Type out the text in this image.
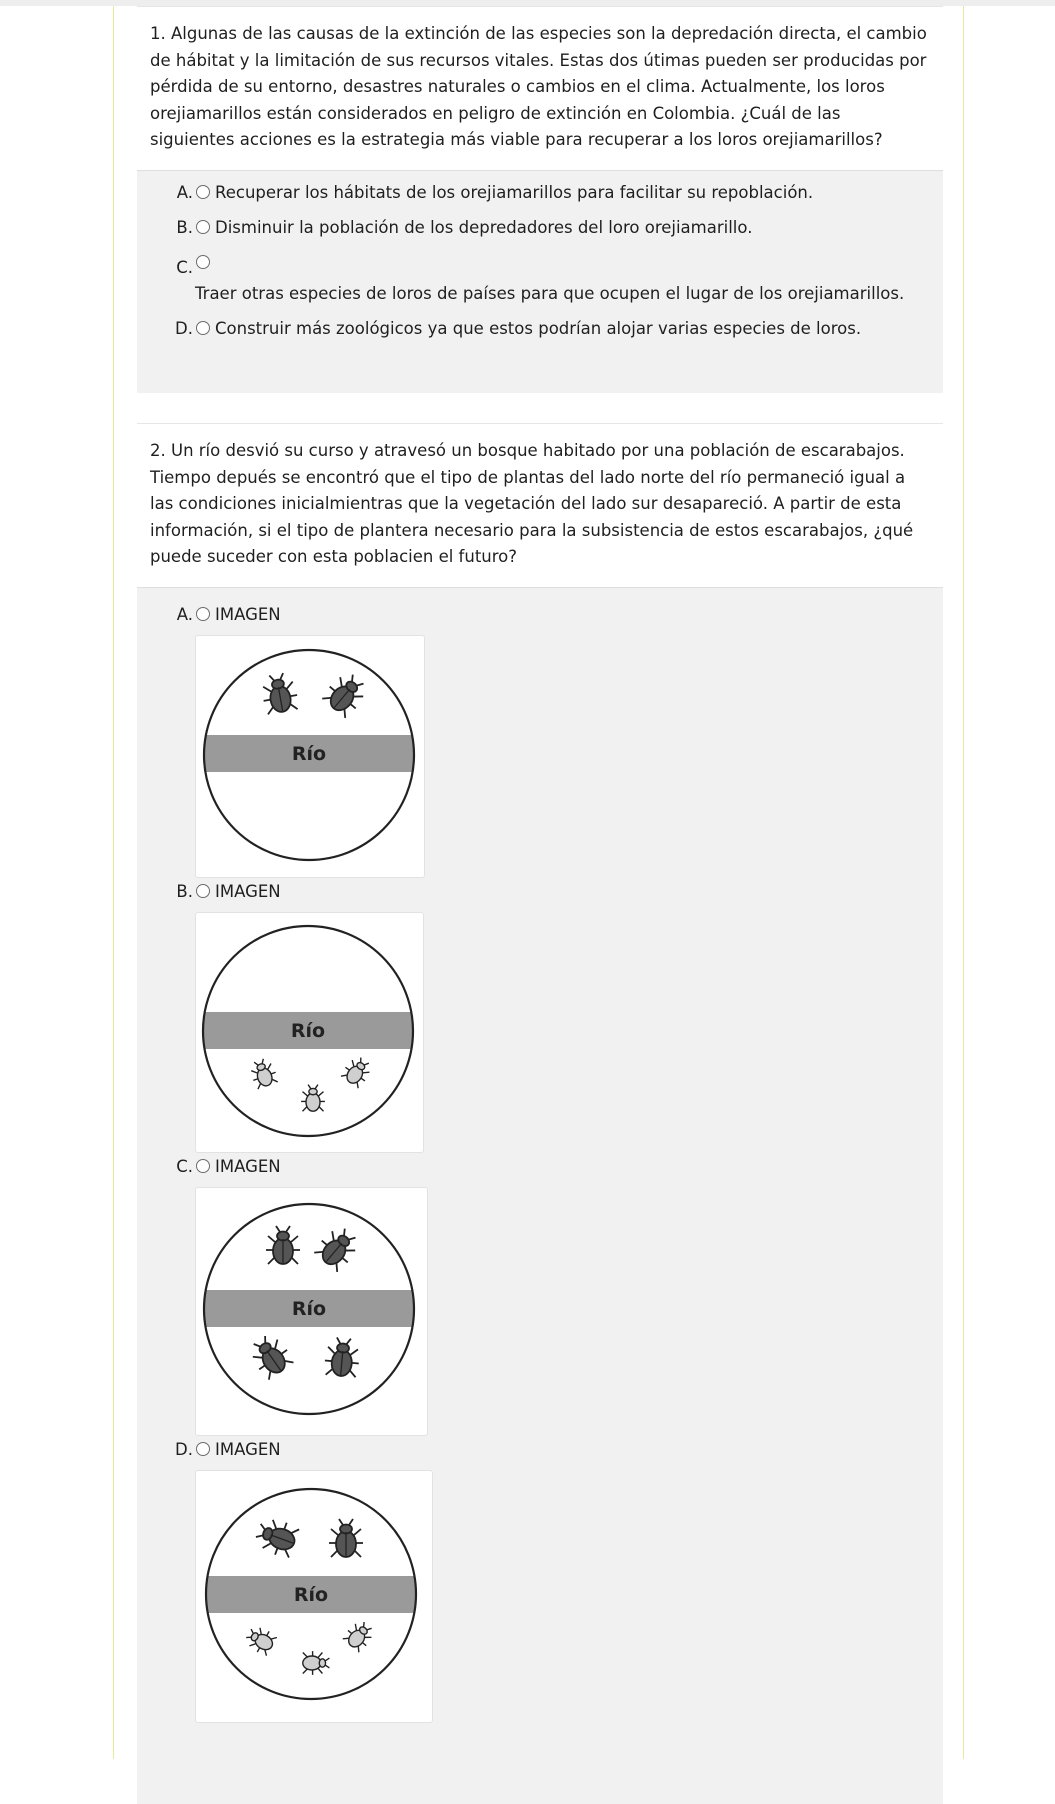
1. Algunas de las causas de la extinción de las especies son la depredación directa, el cambio de hábitat y la limitación de sus recursos vitales. Estas dos útimas pueden ser producidas por pérdida de su entorno, desastres naturales o cambios en el clima. Actualmente, los loros orejiamarillos están considerados en peligro de extinción en Colombia. ¿Cuál de las siguientes acciones es la estrategia más viable para recuperar a los loros orejiamarillos?
A. Recuperar los hábitats de los orejiamarillos para facilitar su repoblación.
B. Disminuir la población de los depredadores del loro orejiamarillo.
C.
Traer otras especies de loros de países para que ocupen el lugar de los orejiamarillos.
D. Construir más zoológicos ya que estos podrían alojar varias especies de loros.
2. Un río desvió su curso y atravesó un bosque habitado por una población de escarabajos. Tiempo depués se encontró que el tipo de plantas del lado norte del río permaneció igual a las condiciones inicialmientras que la vegetación del lado sur desapareció. A partir de esta información, si el tipo de plantera necesario para la subsistencia de estos escarabajos, ¿qué puede suceder con esta poblacien el futuro?
A. IMAGEN
Río
B. IMAGEN
Río
C. IMAGEN
Río
D. IMAGEN
Río
